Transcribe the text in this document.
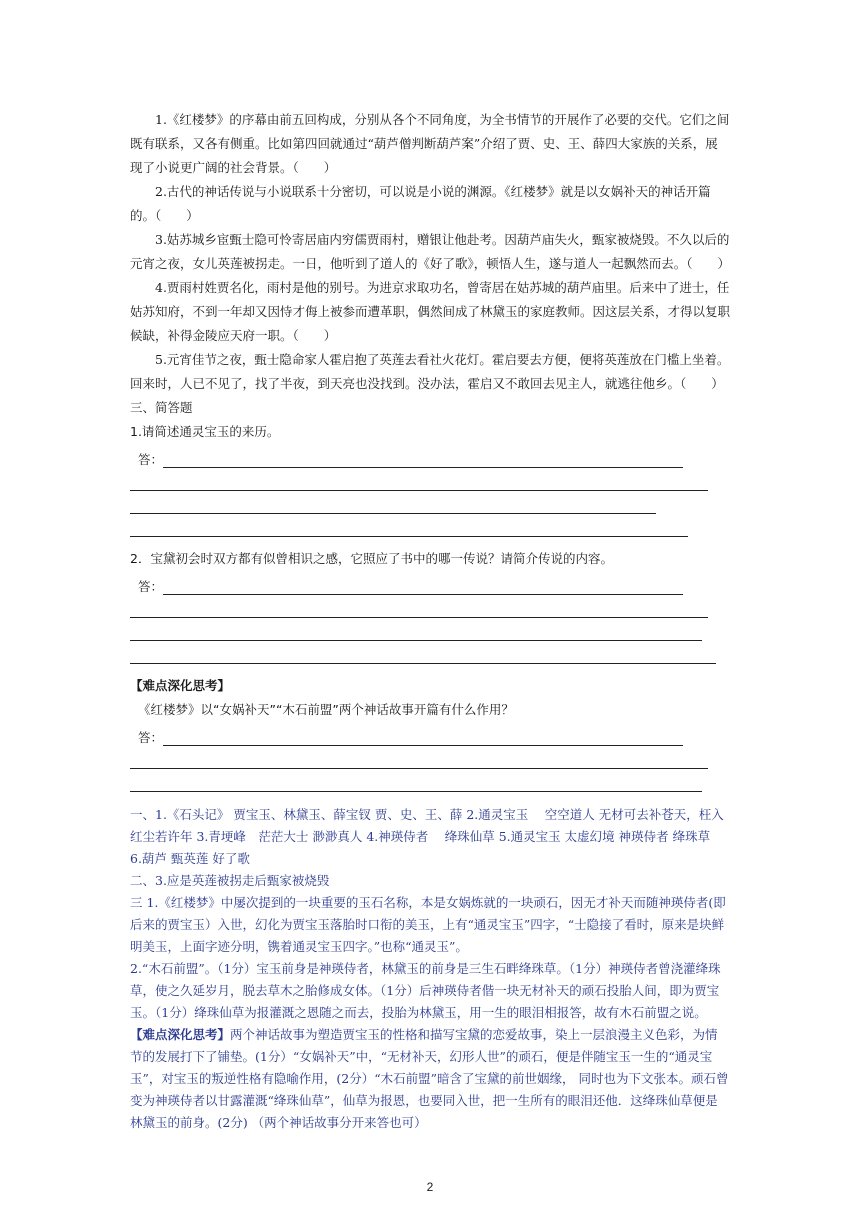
1.《红楼梦》的序幕由前五回构成，分别从各个不同角度，为全书情节的开展作了必要的交代。它们之间既有联系，又各有侧重。比如第四回就通过“葫芦僧判断葫芦案”介绍了贾、史、王、薛四大家族的关系，展现了小说更广阔的社会背景。（　　）

2.古代的神话传说与小说联系十分密切，可以说是小说的渊源。《红楼梦》就是以女娲补天的神话开篇的。（　　）

3.姑苏城乡宦甄士隐可怜寄居庙内穷儒贾雨村，赠银让他赴考。因葫芦庙失火，甄家被烧毁。不久以后的元宵之夜，女儿英莲被拐走。一日，他听到了道人的《好了歌》，顿悟人生，遂与道人一起飘然而去。（　　）

4.贾雨村姓贾名化，雨村是他的别号。为进京求取功名，曾寄居在姑苏城的葫芦庙里。后来中了进士，任姑苏知府，不到一年却又因恃才侮上被参而遭革职，偶然间成了林黛玉的家庭教师。因这层关系，才得以复职候缺，补得金陵应天府一职。（　　）

5.元宵佳节之夜，甄士隐命家人霍启抱了英莲去看社火花灯。霍启要去方便，便将英莲放在门槛上坐着。回来时，人已不见了，找了半夜，到天亮也没找到。没办法，霍启又不敢回去见主人，就逃往他乡。（　　）

三、简答题

1.请简述通灵宝玉的来历。

答：

2．宝黛初会时双方都有似曾相识之感，它照应了书中的哪一传说？请简介传说的内容。

答：

【难点深化思考】

《红楼梦》以“女娲补天”“木石前盟”两个神话故事开篇有什么作用？

答：

一、1.《石头记》 贾宝玉、林黛玉、薛宝钗 贾、史、王、薛 2.通灵宝玉　 空空道人 无材可去补苍天，枉入红尘若许年 3.青埂峰　茫茫大士 渺渺真人 4.神瑛侍者　 绛珠仙草 5.通灵宝玉 太虚幻境 神瑛侍者 绛珠草　6.葫芦 甄英莲 好了歌

二、3.应是英莲被拐走后甄家被烧毁

三 1.《红楼梦》中屡次提到的一块重要的玉石名称，本是女娲炼就的一块顽石，因无才补天而随神瑛侍者(即后来的贾宝玉）入世，幻化为贾宝玉落胎时口衔的美玉，上有“通灵宝玉”四字，“士隐接了看时，原来是块鲜明美玉，上面字迹分明，镌着通灵宝玉四字。”也称“通灵玉”。

2.“木石前盟”。（1分）宝玉前身是神瑛侍者，林黛玉的前身是三生石畔绛珠草。（1分）神瑛侍者曾浇灌绛珠草，使之久延岁月，脱去草木之胎修成女体。（1分）后神瑛侍者偕一块无材补天的顽石投胎人间，即为贾宝玉。（1分）绛珠仙草为报灌溉之恩随之而去，投胎为林黛玉，用一生的眼泪相报答，故有木石前盟之说。

【难点深化思考】两个神话故事为塑造贾宝玉的性格和描写宝黛的恋爱故事，染上一层浪漫主义色彩，为情节的发展打下了铺垫。(1分）“女娲补天”中，“无材补天，幻形人世”的顽石，便是伴随宝玉一生的“通灵宝玉”，对宝玉的叛逆性格有隐喻作用，(2分）“木石前盟”暗含了宝黛的前世姻缘， 同时也为下文张本。顽石曾变为神瑛侍者以甘露灌溉“绛珠仙草”，仙草为报恩，也要同入世，把一生所有的眼泪还他．这绛珠仙草便是林黛玉的前身。(2分) （两个神话故事分开来答也可）

2
